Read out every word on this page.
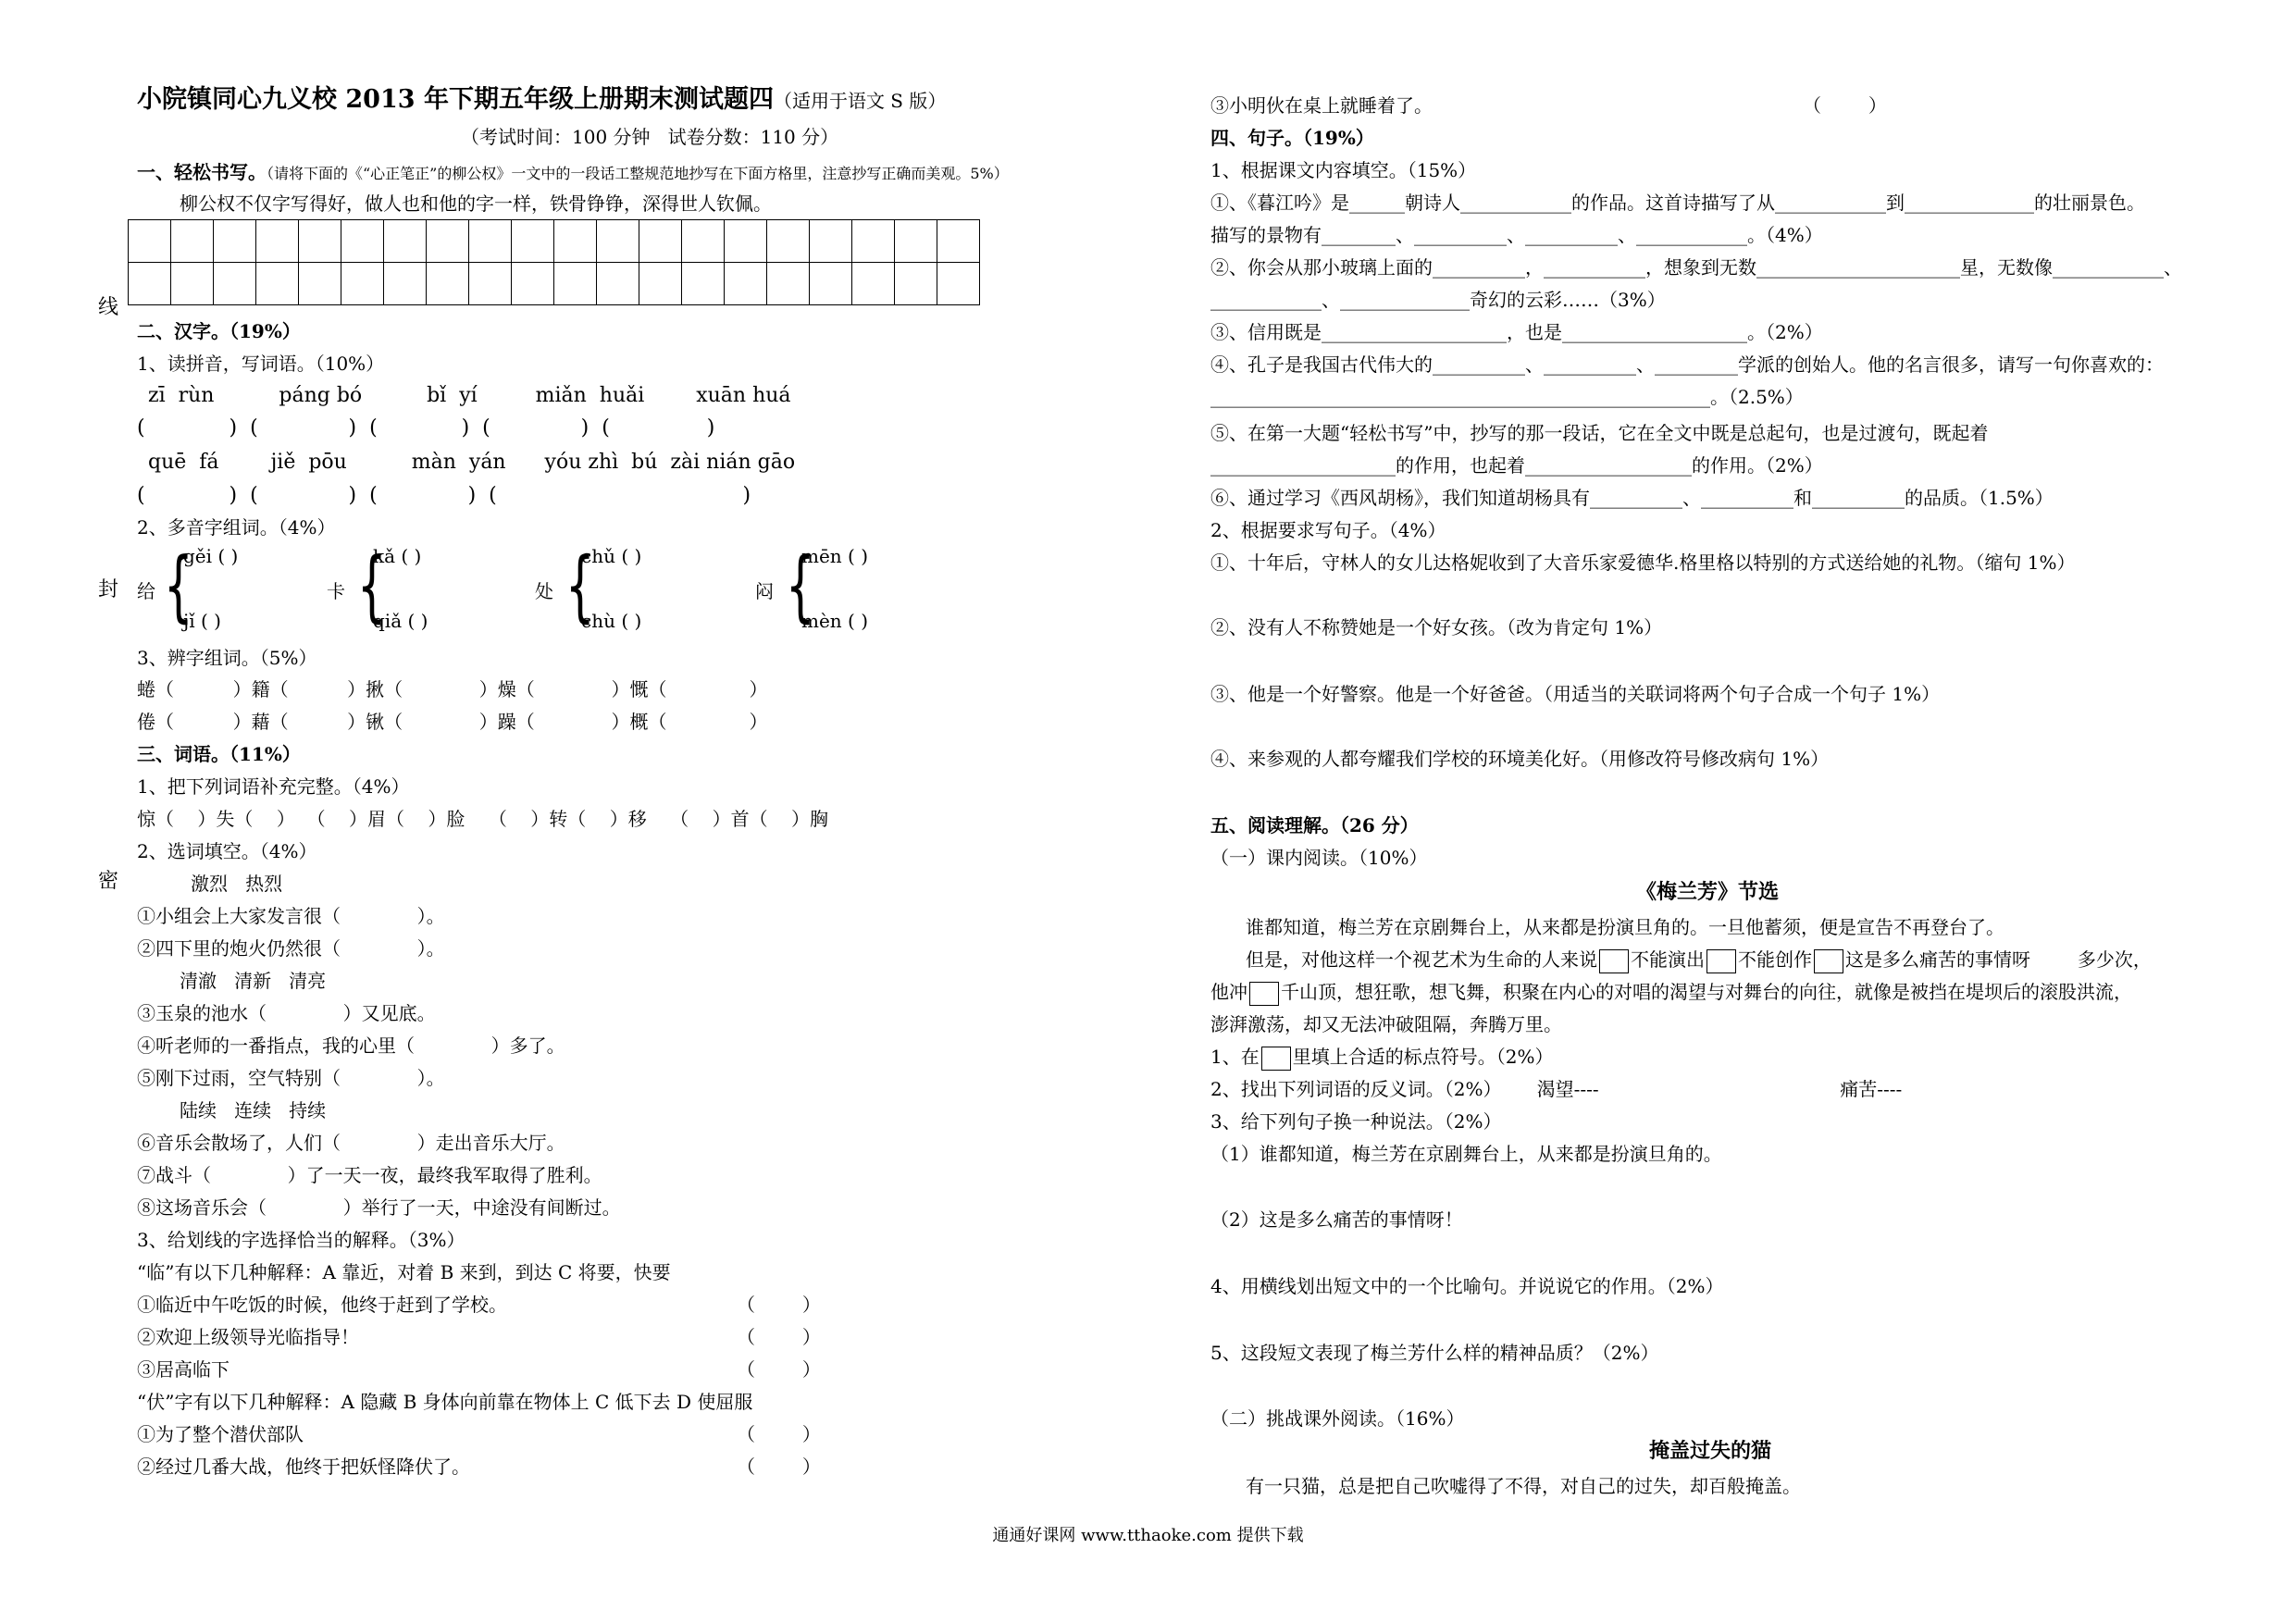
线
封
密
小院镇同心九义校 2013 年下期五年级上册期末测试题四（适用于语文 S 版）
（考试时间：100 分钟   试卷分数：110 分）
一、轻松书写。（请将下面的《“心正笔正”的柳公权》一文中的一段话工整规范地抄写在下面方格里，注意抄写正确而美观。5%）
柳公权不仅字写得好，做人也和他的字一样，铁骨铮铮，深得世人钦佩。

二、汉字。（19%）
1、读拼音，写词语。（10%）
zī  rùn          páng bó          bǐ  yí         miǎn  huǎi        xuān huá
(             )  (              )  (             )  (              )  (               )
quē  fá        jiě  pōu          màn  yán      yóu zhì  bú  zài nián gāo
(             )  (              )  (              )  (                                      )
2、多音字组词。（4%）
给 {
gěi ( )
jǐ ( )
卡 {
kǎ ( )
qiǎ ( )
处 {
chǔ ( )
chù ( )
闷 {
mēn ( )
mèn ( )
3、辨字组词。（5%）
蜷（          ）籍（          ）揪（             ）燥（             ）慨（              ）
倦（          ）藉（          ）锹（             ）躁（             ）概（              ）
三、词语。（11%）
1、把下列词语补充完整。（4%）
惊（    ）失（    ）  （    ）眉（    ）脸    （    ）转（    ）移    （    ）首（    ）胸
2、选词填空。（4%）
激烈   热烈
①小组会上大家发言很（             ）。
②四下里的炮火仍然很（             ）。
清澈   清新   清亮
③玉泉的池水（             ）又见底。
④听老师的一番指点，我的心里（             ）多了。
⑤刚下过雨，空气特别（             ）。
陆续   连续   持续
⑥音乐会散场了，人们（             ）走出音乐大厅。
⑦战斗（             ）了一天一夜，最终我军取得了胜利。
⑧这场音乐会（             ）举行了一天，中途没有间断过。
3、给划线的字选择恰当的解释。（3%）
“临”有以下几种解释：A 靠近，对着 B 来到，到达 C 将要，快要
①临近中午吃饭的时候，他终于赶到了学校。	（        ）
②欢迎上级领导光临指导！	（        ）
③居高临下	（        ）
“伏”字有以下几种解释：A 隐藏 B 身体向前靠在物体上 C 低下去 D 使屈服
①为了整个潜伏部队	（        ）
②经过几番大战，他终于把妖怪降伏了。	（        ）
③小明伙在桌上就睡着了。	（        ）
四、句子。（19%）
1、根据课文内容填空。（15%）
①、《暮江吟》是______朝诗人____________的作品。这首诗描写了从____________到______________的壮丽景色。
描写的景物有________、__________、__________、____________。（4%）
②、你会从那小玻璃上面的__________，___________，想象到无数______________________星，无数像____________、
____________、______________奇幻的云彩……（3%）
③、信用既是____________________，也是____________________。（2%）
④、孔子是我国古代伟大的__________、__________、_________学派的创始人。他的名言很多，请写一句你喜欢的：
______________________________________________________。（2.5%）
⑤、在第一大题“轻松书写”中，抄写的那一段话，它在全文中既是总起句，也是过渡句，既起着
____________________的作用，也起着__________________的作用。（2%）
⑥、通过学习《西风胡杨》，我们知道胡杨具有__________、__________和__________的品质。（1.5%）
2、根据要求写句子。（4%）
①、十年后，守林人的女儿达格妮收到了大音乐家爱德华.格里格以特别的方式送给她的礼物。（缩句 1%）
②、没有人不称赞她是一个好女孩。（改为肯定句 1%）
③、他是一个好警察。他是一个好爸爸。（用适当的关联词将两个句子合成一个句子 1%）
④、来参观的人都夸耀我们学校的环境美化好。（用修改符号修改病句 1%）
五、阅读理解。（26 分）
（一）课内阅读。（10%）
《梅兰芳》节选
谁都知道，梅兰芳在京剧舞台上，从来都是扮演旦角的。一旦他蓄须，便是宣告不再登台了。
但是，对他这样一个视艺术为生命的人来说 不能演出 不能创作 这是多么痛苦的事情呀        多少次，
他冲 千山顶，想狂歌，想飞舞，积聚在内心的对唱的渴望与对舞台的向往，就像是被挡在堤坝后的滚股洪流，
澎湃激荡，却又无法冲破阻隔，奔腾万里。
1、在 里填上合适的标点符号。（2%）
2、找出下列词语的反义词。（2%）      渴望----                                         痛苦----
3、给下列句子换一种说法。（2%）
（1）谁都知道，梅兰芳在京剧舞台上，从来都是扮演旦角的。
（2）这是多么痛苦的事情呀！
4、用横线划出短文中的一个比喻句。并说说它的作用。（2%）
5、这段短文表现了梅兰芳什么样的精神品质？（2%）
（二）挑战课外阅读。（16%）
掩盖过失的猫
有一只猫，总是把自己吹嘘得了不得，对自己的过失，却百般掩盖。
通通好课网 www.tthaoke.com 提供下载
